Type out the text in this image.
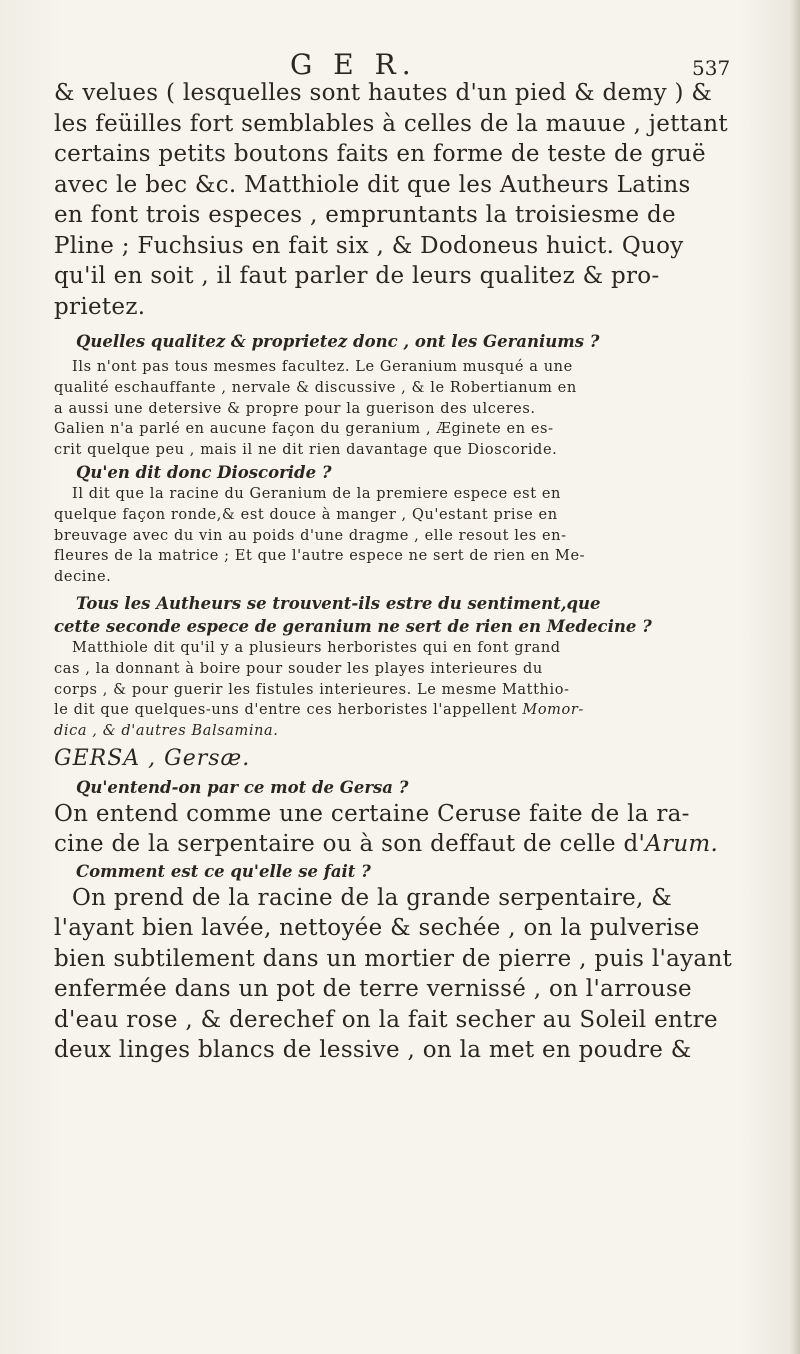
G E R.	537
& velues ( lesquelles sont hautes d'un pied & demy ) &
les feüilles fort semblables à celles de la mauue , jettant
certains petits boutons faits en forme de teste de gruë
avec le bec &c. Matthiole dit que les Autheurs Latins
en font trois especes , empruntants la troisiesme de
Pline ; Fuchsius en fait six , & Dodoneus huict. Quoy
qu'il en soit , il faut parler de leurs qualitez & pro-
prietez.
Quelles qualitez & proprietez donc , ont les Geraniums ?
Ils n'ont pas tous mesmes facultez. Le Geranium musqué a une
qualité eschauffante , nervale & discussive , & le Robertianum en
a aussi une detersive & propre pour la guerison des ulceres.
Galien n'a parlé en aucune façon du geranium , Æginete en es-
crit quelque peu , mais il ne dit rien davantage que Dioscoride.
Qu'en dit donc Dioscoride ?
Il dit que la racine du Geranium de la premiere espece est en
quelque façon ronde,& est douce à manger , Qu'estant prise en
breuvage avec du vin au poids d'une dragme , elle resout les en-
fleures de la matrice ; Et que l'autre espece ne sert de rien en Me-
decine.
Tous les Autheurs se trouvent-ils estre du sentiment,que
cette seconde espece de geranium ne sert de rien en Medecine ?
Matthiole dit qu'il y a plusieurs herboristes qui en font grand
cas , la donnant à boire pour souder les playes interieures du
corps , & pour guerir les fistules interieures. Le mesme Matthio-
le dit que quelques-uns d'entre ces herboristes l'appellent Momor-
dica , & d'autres Balsamina.
GERSA , Gersæ.
Qu'entend-on par ce mot de Gersa ?
On entend comme une certaine Ceruse faite de la ra-
cine de la serpentaire ou à son deffaut de celle d'Arum.
Comment est ce qu'elle se fait ?
On prend de la racine de la grande serpentaire, &
l'ayant bien lavée, nettoyée & sechée , on la pulverise
bien subtilement dans un mortier de pierre , puis l'ayant
enfermée dans un pot de terre vernissé , on l'arrouse
d'eau rose , & derechef on la fait secher au Soleil entre
deux linges blancs de lessive , on la met en poudre &
